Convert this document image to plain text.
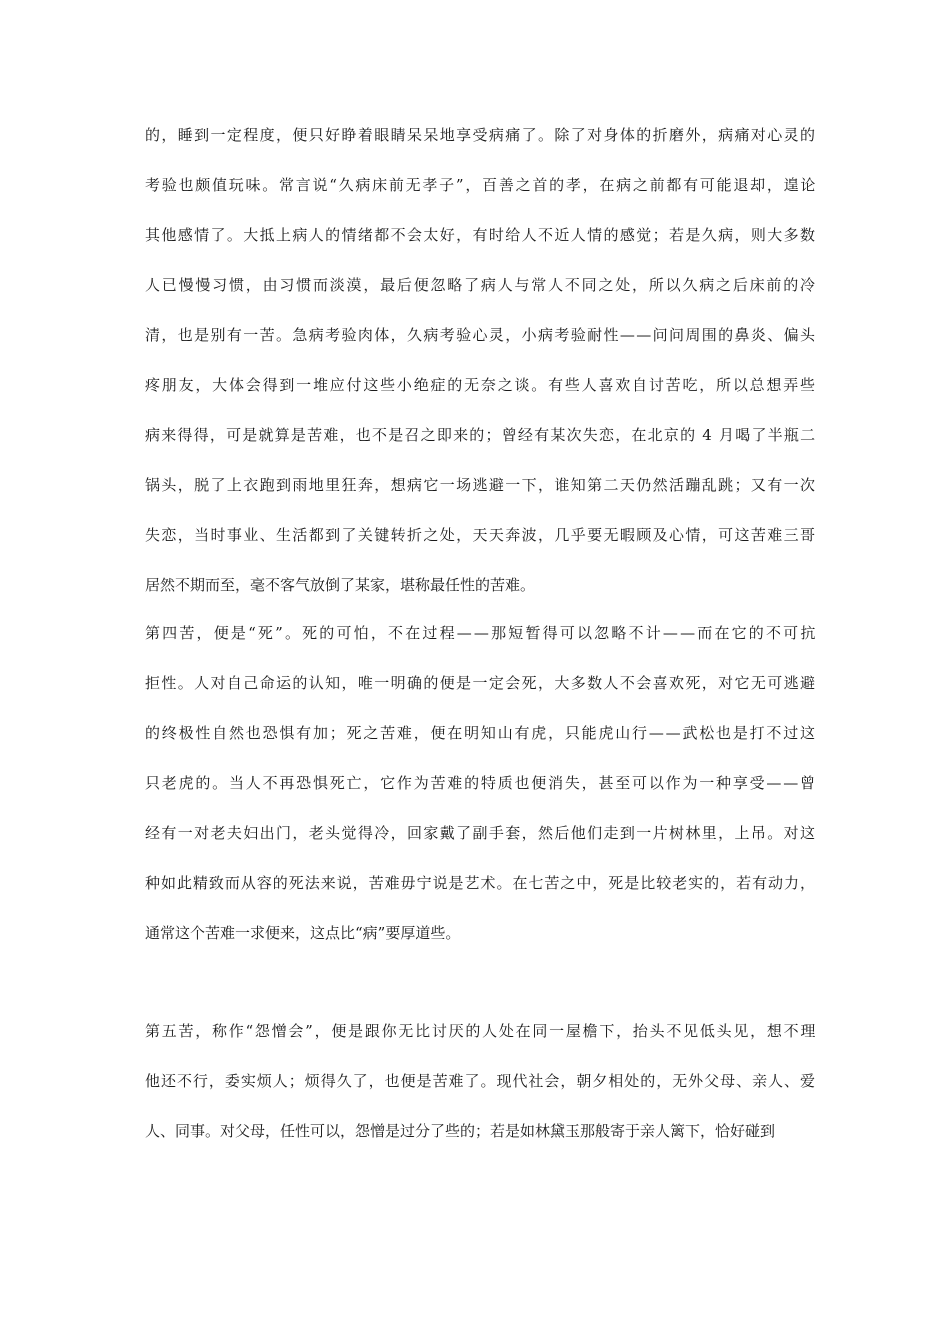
的，睡到一定程度，便只好睁着眼睛呆呆地享受病痛了。除了对身体的折磨外，病痛对心灵的
考验也颇值玩味。常言说“久病床前无孝子”，百善之首的孝，在病之前都有可能退却，遑论
其他感情了。大抵上病人的情绪都不会太好，有时给人不近人情的感觉；若是久病，则大多数
人已慢慢习惯，由习惯而淡漠，最后便忽略了病人与常人不同之处，所以久病之后床前的冷
清，也是别有一苦。急病考验肉体，久病考验心灵，小病考验耐性——问问周围的鼻炎、偏头
疼朋友，大体会得到一堆应付这些小绝症的无奈之谈。有些人喜欢自讨苦吃，所以总想弄些
病来得得，可是就算是苦难，也不是召之即来的；曾经有某次失恋，在北京的 4 月喝了半瓶二
锅头，脱了上衣跑到雨地里狂奔，想病它一场逃避一下，谁知第二天仍然活蹦乱跳；又有一次
失恋，当时事业、生活都到了关键转折之处，天天奔波，几乎要无暇顾及心情，可这苦难三哥
居然不期而至，毫不客气放倒了某家，堪称最任性的苦难。
第四苦，便是“死”。死的可怕，不在过程——那短暂得可以忽略不计——而在它的不可抗
拒性。人对自己命运的认知，唯一明确的便是一定会死，大多数人不会喜欢死，对它无可逃避
的终极性自然也恐惧有加；死之苦难，便在明知山有虎，只能虎山行——武松也是打不过这
只老虎的。当人不再恐惧死亡，它作为苦难的特质也便消失，甚至可以作为一种享受——曾
经有一对老夫妇出门，老头觉得冷，回家戴了副手套，然后他们走到一片树林里，上吊。对这
种如此精致而从容的死法来说，苦难毋宁说是艺术。在七苦之中，死是比较老实的，若有动力，
通常这个苦难一求便来，这点比“病”要厚道些。
第五苦，称作“怨憎会”，便是跟你无比讨厌的人处在同一屋檐下，抬头不见低头见，想不理
他还不行，委实烦人；烦得久了，也便是苦难了。现代社会，朝夕相处的，无外父母、亲人、爱
人、同事。对父母，任性可以，怨憎是过分了些的；若是如林黛玉那般寄于亲人篱下，恰好碰到
